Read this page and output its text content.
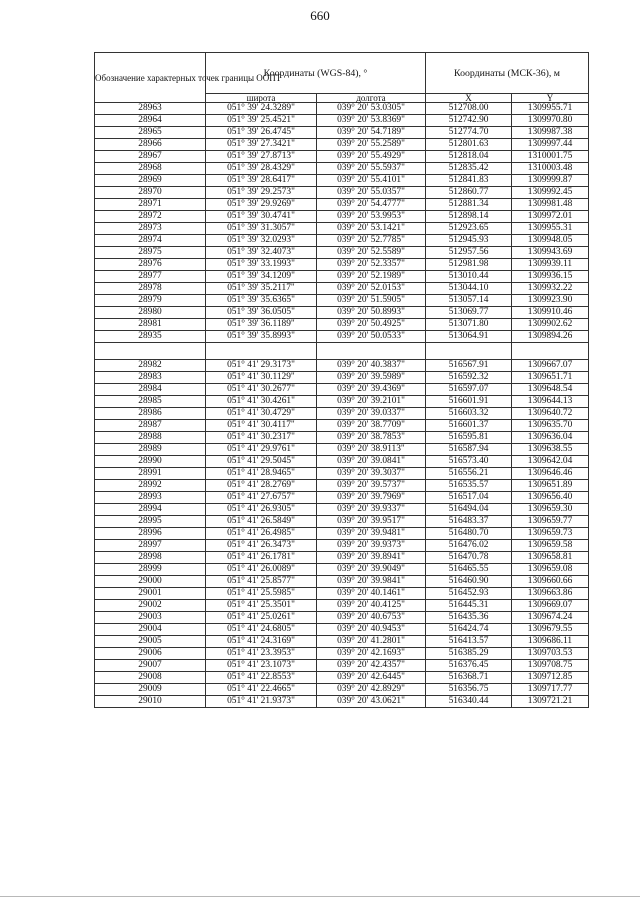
660
Обозначение характерных точек границы ООПТ	Координаты (WGS-84), °		Координаты (МСК-36), м	
	широта	долгота	X	Y
28963	051° 39' 24.3289"	039° 20' 53.0305"	512708.00	1309955.71
28964	051° 39' 25.4521"	039° 20' 53.8369"	512742.90	1309970.80
28965	051° 39' 26.4745"	039° 20' 54.7189"	512774.70	1309987.38
28966	051° 39' 27.3421"	039° 20' 55.2589"	512801.63	1309997.44
28967	051° 39' 27.8713"	039° 20' 55.4929"	512818.04	1310001.75
28968	051° 39' 28.4329"	039° 20' 55.5937"	512835.42	1310003.48
28969	051° 39' 28.6417"	039° 20' 55.4101"	512841.83	1309999.87
28970	051° 39' 29.2573"	039° 20' 55.0357"	512860.77	1309992.45
28971	051° 39' 29.9269"	039° 20' 54.4777"	512881.34	1309981.48
28972	051° 39' 30.4741"	039° 20' 53.9953"	512898.14	1309972.01
28973	051° 39' 31.3057"	039° 20' 53.1421"	512923.65	1309955.31
28974	051° 39' 32.0293"	039° 20' 52.7785"	512945.93	1309948.05
28975	051° 39' 32.4073"	039° 20' 52.5589"	512957.56	1309943.69
28976	051° 39' 33.1993"	039° 20' 52.3357"	512981.98	1309939.11
28977	051° 39' 34.1209"	039° 20' 52.1989"	513010.44	1309936.15
28978	051° 39' 35.2117"	039° 20' 52.0153"	513044.10	1309932.22
28979	051° 39' 35.6365"	039° 20' 51.5905"	513057.14	1309923.90
28980	051° 39' 36.0505"	039° 20' 50.8993"	513069.77	1309910.46
28981	051° 39' 36.1189"	039° 20' 50.4925"	513071.80	1309902.62
28935	051° 39' 35.8993"	039° 20' 50.0533"	513064.91	1309894.26

28982	051° 41' 29.3173"	039° 20' 40.3837"	516567.91	1309667.07
28983	051° 41' 30.1129"	039° 20' 39.5989"	516592.32	1309651.71
28984	051° 41' 30.2677"	039° 20' 39.4369"	516597.07	1309648.54
28985	051° 41' 30.4261"	039° 20' 39.2101"	516601.91	1309644.13
28986	051° 41' 30.4729"	039° 20' 39.0337"	516603.32	1309640.72
28987	051° 41' 30.4117"	039° 20' 38.7709"	516601.37	1309635.70
28988	051° 41' 30.2317"	039° 20' 38.7853"	516595.81	1309636.04
28989	051° 41' 29.9761"	039° 20' 38.9113"	516587.94	1309638.55
28990	051° 41' 29.5045"	039° 20' 39.0841"	516573.40	1309642.04
28991	051° 41' 28.9465"	039° 20' 39.3037"	516556.21	1309646.46
28992	051° 41' 28.2769"	039° 20' 39.5737"	516535.57	1309651.89
28993	051° 41' 27.6757"	039° 20' 39.7969"	516517.04	1309656.40
28994	051° 41' 26.9305"	039° 20' 39.9337"	516494.04	1309659.30
28995	051° 41' 26.5849"	039° 20' 39.9517"	516483.37	1309659.77
28996	051° 41' 26.4985"	039° 20' 39.9481"	516480.70	1309659.73
28997	051° 41' 26.3473"	039° 20' 39.9373"	516476.02	1309659.58
28998	051° 41' 26.1781"	039° 20' 39.8941"	516470.78	1309658.81
28999	051° 41' 26.0089"	039° 20' 39.9049"	516465.55	1309659.08
29000	051° 41' 25.8577"	039° 20' 39.9841"	516460.90	1309660.66
29001	051° 41' 25.5985"	039° 20' 40.1461"	516452.93	1309663.86
29002	051° 41' 25.3501"	039° 20' 40.4125"	516445.31	1309669.07
29003	051° 41' 25.0261"	039° 20' 40.6753"	516435.36	1309674.24
29004	051° 41' 24.6805"	039° 20' 40.9453"	516424.74	1309679.55
29005	051° 41' 24.3169"	039° 20' 41.2801"	516413.57	1309686.11
29006	051° 41' 23.3953"	039° 20' 42.1693"	516385.29	1309703.53
29007	051° 41' 23.1073"	039° 20' 42.4357"	516376.45	1309708.75
29008	051° 41' 22.8553"	039° 20' 42.6445"	516368.71	1309712.85
29009	051° 41' 22.4665"	039° 20' 42.8929"	516356.75	1309717.77
29010	051° 41' 21.9373"	039° 20' 43.0621"	516340.44	1309721.21
